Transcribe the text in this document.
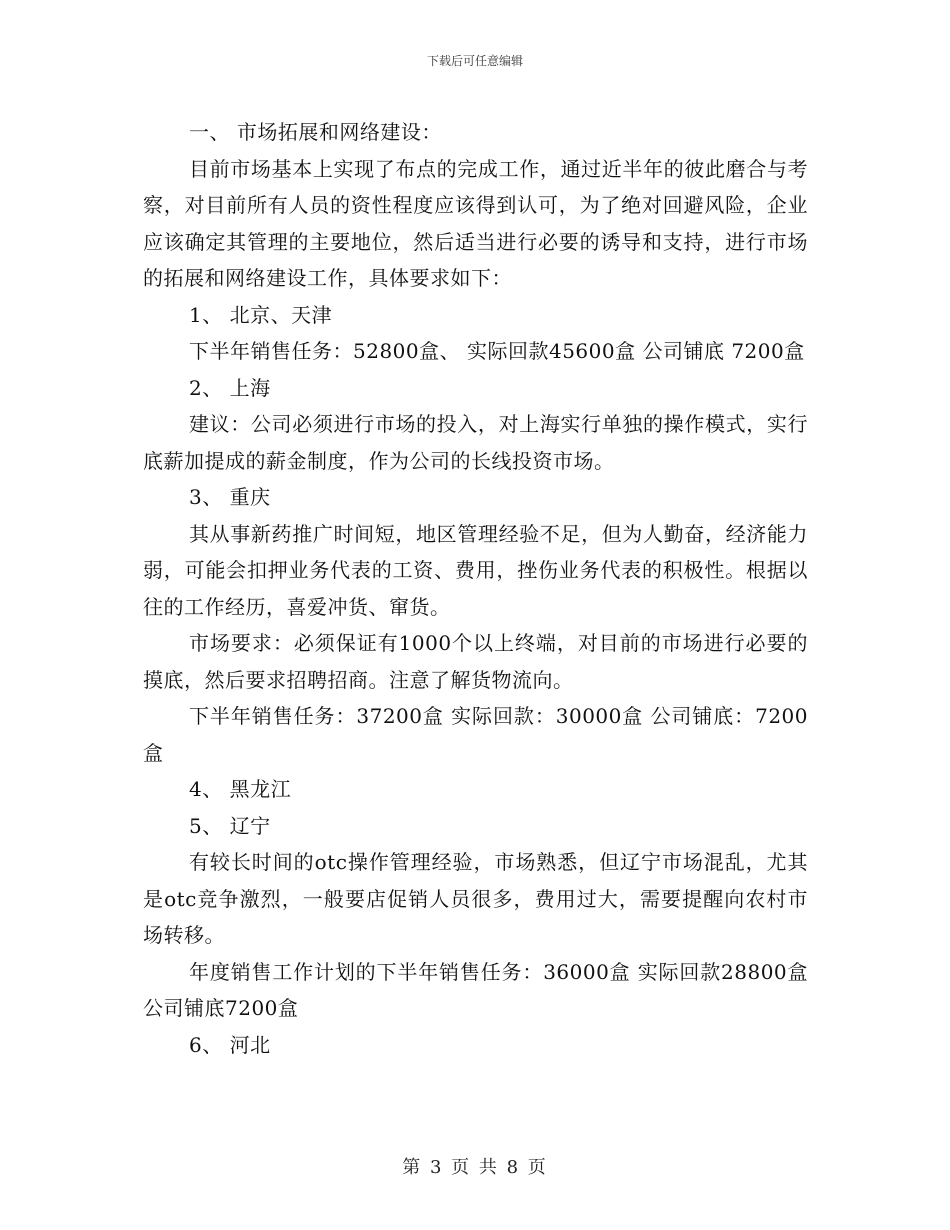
下载后可任意编辑

一、 市场拓展和网络建设：

目前市场基本上实现了布点的完成工作，通过近半年的彼此磨合与考察，对目前所有人员的资性程度应该得到认可，为了绝对回避风险，企业应该确定其管理的主要地位，然后适当进行必要的诱导和支持，进行市场的拓展和网络建设工作，具体要求如下：

1、 北京、天津

下半年销售任务：52800盒、 实际回款45600盒 公司铺底 7200盒

2、 上海

建议：公司必须进行市场的投入，对上海实行单独的操作模式，实行底薪加提成的薪金制度，作为公司的长线投资市场。

3、 重庆

其从事新药推广时间短，地区管理经验不足，但为人勤奋，经济能力弱，可能会扣押业务代表的工资、费用，挫伤业务代表的积极性。根据以往的工作经历，喜爱冲货、窜货。

市场要求：必须保证有1000个以上终端，对目前的市场进行必要的摸底，然后要求招聘招商。注意了解货物流向。

下半年销售任务：37200盒 实际回款：30000盒 公司铺底：7200盒

4、 黑龙江

5、 辽宁

有较长时间的otc操作管理经验，市场熟悉，但辽宁市场混乱，尤其是otc竞争激烈，一般要店促销人员很多，费用过大，需要提醒向农村市场转移。

年度销售工作计划的下半年销售任务：36000盒 实际回款28800盒 公司铺底7200盒

6、 河北

第 3 页 共 8 页
